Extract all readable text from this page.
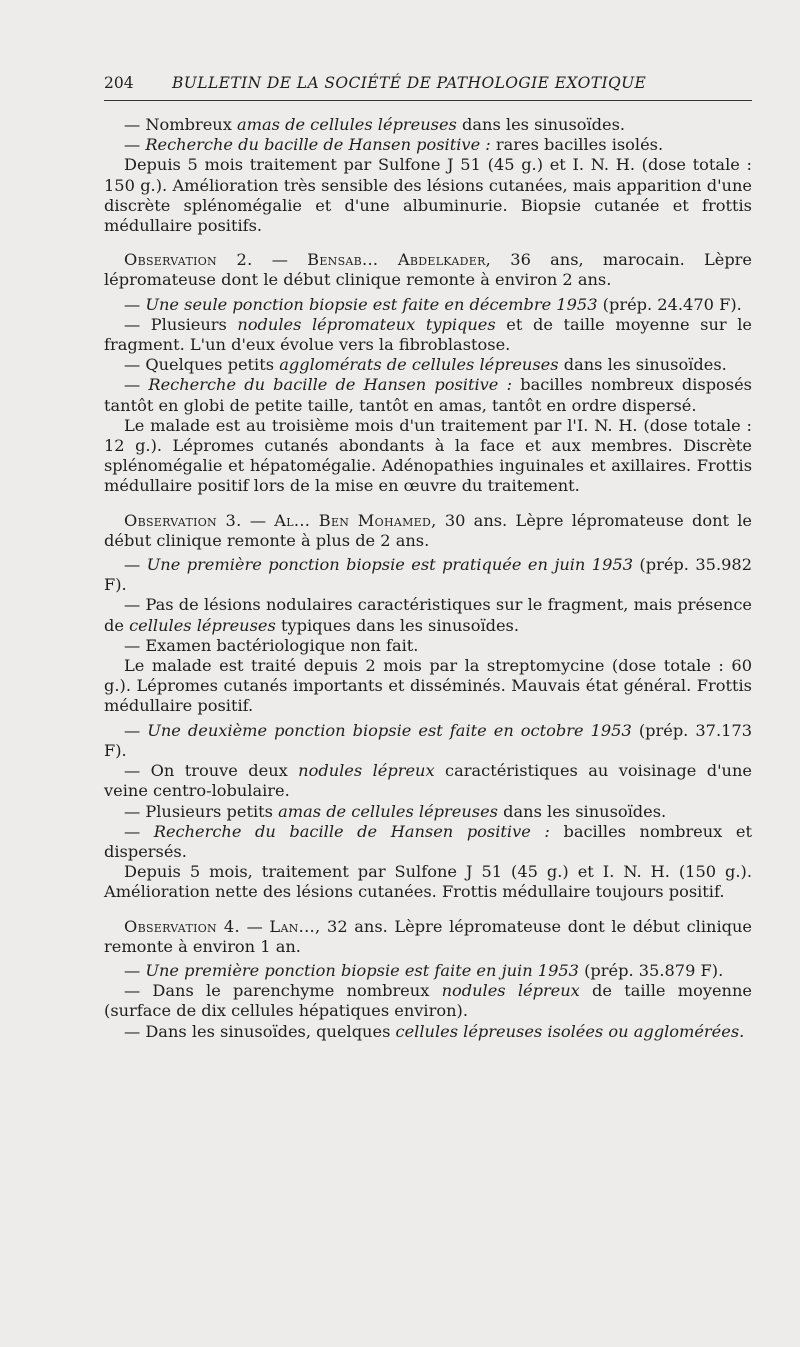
204	BULLETIN DE LA SOCIÉTÉ DE PATHOLOGIE EXOTIQUE

— Nombreux amas de cellules lépreuses dans les sinusoïdes.

— Recherche du bacille de Hansen positive : rares bacilles isolés.

Depuis 5 mois traitement par Sulfone J 51 (45 g.) et I. N. H. (dose totale : 150 g.). Amélioration très sensible des lésions cutanées, mais apparition d'une discrète splénomégalie et d'une albuminurie. Biopsie cutanée et frottis médullaire positifs.

Observation 2. — Bensab... Abdelkader, 36 ans, marocain. Lèpre lépromateuse dont le début clinique remonte à environ 2 ans.

— Une seule ponction biopsie est faite en décembre 1953 (prép. 24.470 F).

— Plusieurs nodules lépromateux typiques et de taille moyenne sur le fragment. L'un d'eux évolue vers la fibroblastose.

— Quelques petits agglomérats de cellules lépreuses dans les sinusoïdes.

— Recherche du bacille de Hansen positive : bacilles nombreux disposés tantôt en globi de petite taille, tantôt en amas, tantôt en ordre dispersé.

Le malade est au troisième mois d'un traitement par l'I. N. H. (dose totale : 12 g.). Lépromes cutanés abondants à la face et aux membres. Discrète splénomégalie et hépatomégalie. Adénopathies inguinales et axillaires. Frottis médullaire positif lors de la mise en œuvre du traitement.

Observation 3. — Al... Ben Mohamed, 30 ans. Lèpre lépromateuse dont le début clinique remonte à plus de 2 ans.

— Une première ponction biopsie est pratiquée en juin 1953 (prép. 35.982 F).

— Pas de lésions nodulaires caractéristiques sur le fragment, mais présence de cellules lépreuses typiques dans les sinusoïdes.

— Examen bactériologique non fait.

Le malade est traité depuis 2 mois par la streptomycine (dose totale : 60 g.). Lépromes cutanés importants et disséminés. Mauvais état général. Frottis médullaire positif.

— Une deuxième ponction biopsie est faite en octobre 1953 (prép. 37.173 F).

— On trouve deux nodules lépreux caractéristiques au voisinage d'une veine centro-lobulaire.

— Plusieurs petits amas de cellules lépreuses dans les sinusoïdes.

— Recherche du bacille de Hansen positive : bacilles nombreux et dispersés.

Depuis 5 mois, traitement par Sulfone J 51 (45 g.) et I. N. H. (150 g.). Amélioration nette des lésions cutanées. Frottis médullaire toujours positif.

Observation 4. — Lan..., 32 ans. Lèpre lépromateuse dont le début clinique remonte à environ 1 an.

— Une première ponction biopsie est faite en juin 1953 (prép. 35.879 F).

— Dans le parenchyme nombreux nodules lépreux de taille moyenne (surface de dix cellules hépatiques environ).

— Dans les sinusoïdes, quelques cellules lépreuses isolées ou agglomérées.
